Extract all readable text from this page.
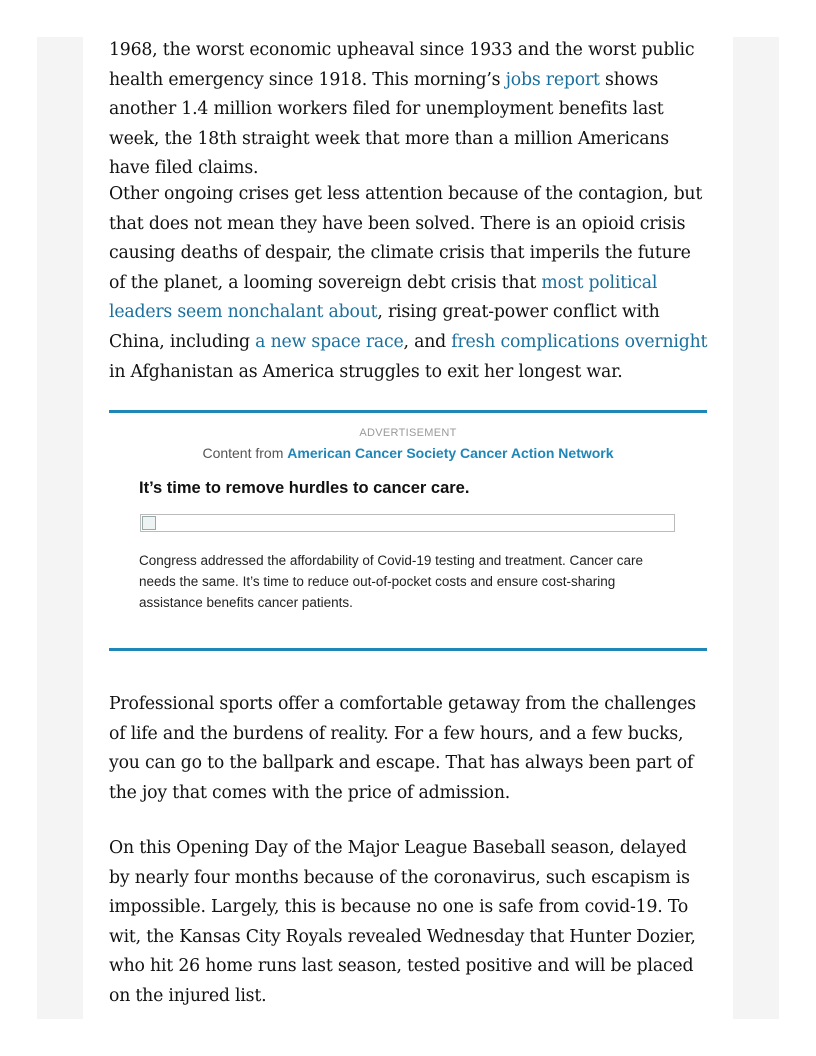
1968, the worst economic upheaval since 1933 and the worst public health emergency since 1918. This morning’s jobs report shows another 1.4 million workers filed for unemployment benefits last week, the 18th straight week that more than a million Americans have filed claims.

Other ongoing crises get less attention because of the contagion, but that does not mean they have been solved. There is an opioid crisis causing deaths of despair, the climate crisis that imperils the future of the planet, a looming sovereign debt crisis that most political leaders seem nonchalant about, rising great-power conflict with China, including a new space race, and fresh complications overnight in Afghanistan as America struggles to exit her longest war.

ADVERTISEMENT
Content from American Cancer Society Cancer Action Network
It’s time to remove hurdles to cancer care.
Congress addressed the affordability of Covid-19 testing and treatment. Cancer care needs the same. It’s time to reduce out-of-pocket costs and ensure cost-sharing assistance benefits cancer patients.

Professional sports offer a comfortable getaway from the challenges of life and the burdens of reality. For a few hours, and a few bucks, you can go to the ballpark and escape. That has always been part of the joy that comes with the price of admission.

On this Opening Day of the Major League Baseball season, delayed by nearly four months because of the coronavirus, such escapism is impossible. Largely, this is because no one is safe from covid-19. To wit, the Kansas City Royals revealed Wednesday that Hunter Dozier, who hit 26 home runs last season, tested positive and will be placed on the injured list.
